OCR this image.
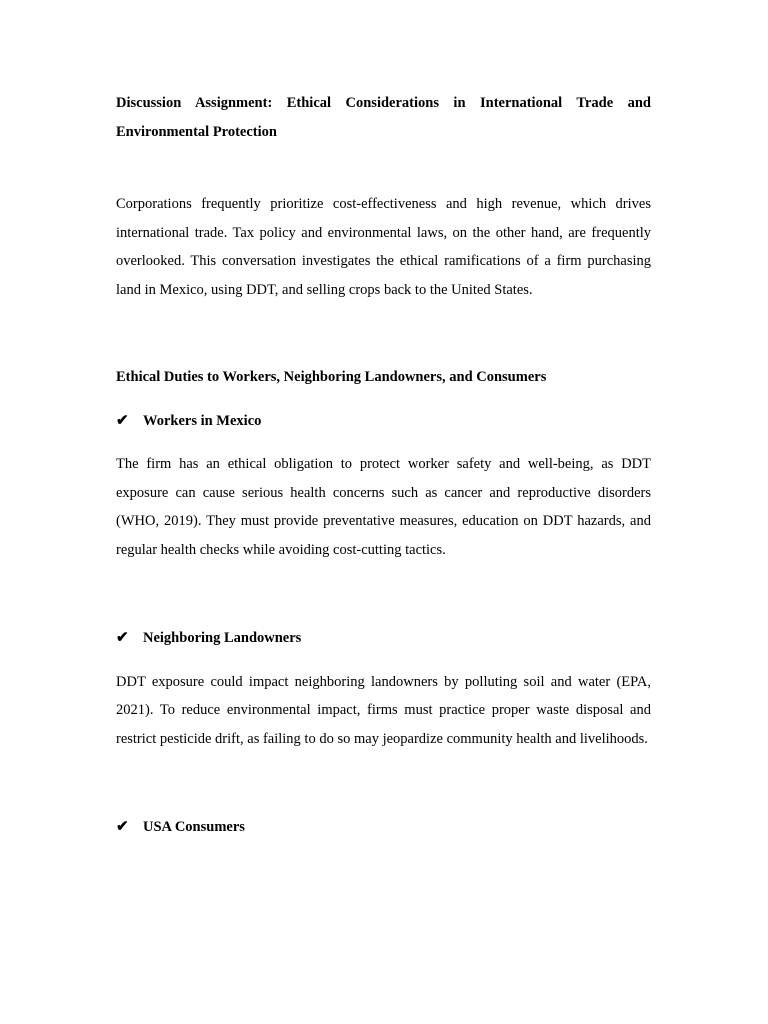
Discussion Assignment: Ethical Considerations in International Trade and Environmental Protection

Corporations frequently prioritize cost-effectiveness and high revenue, which drives international trade. Tax policy and environmental laws, on the other hand, are frequently overlooked. This conversation investigates the ethical ramifications of a firm purchasing land in Mexico, using DDT, and selling crops back to the United States.

Ethical Duties to Workers, Neighboring Landowners, and Consumers

✔ Workers in Mexico

The firm has an ethical obligation to protect worker safety and well-being, as DDT exposure can cause serious health concerns such as cancer and reproductive disorders (WHO, 2019). They must provide preventative measures, education on DDT hazards, and regular health checks while avoiding cost-cutting tactics.

✔ Neighboring Landowners

DDT exposure could impact neighboring landowners by polluting soil and water (EPA, 2021). To reduce environmental impact, firms must practice proper waste disposal and restrict pesticide drift, as failing to do so may jeopardize community health and livelihoods.

✔ USA Consumers
